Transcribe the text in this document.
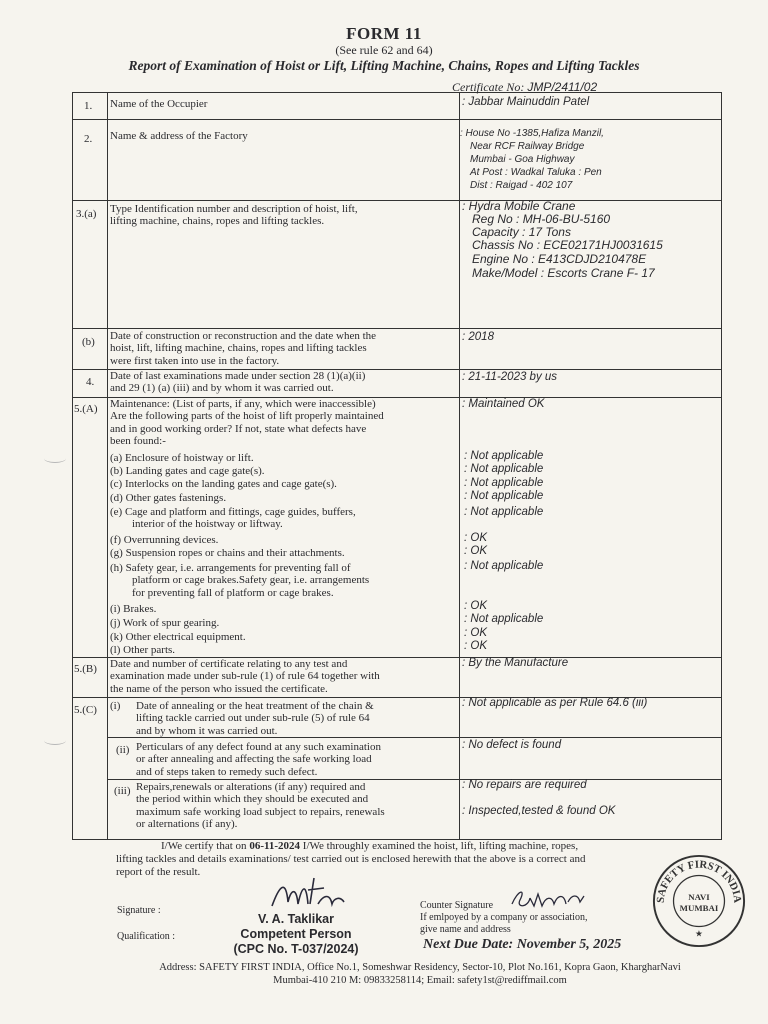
FORM 11
(See rule 62 and 64)
Report of Examination of Hoist or Lift, Lifting Machine, Chains, Ropes and Lifting Tackles
Certificate No: JMP/2411/02
1. Name of the Occupier	: Jabbar Mainuddin Patel
2. Name & address of the Factory	: House No -1385,Hafiza Manzil,
Near RCF Railway Bridge
Mumbai - Goa Highway
At Post : Wadkal Taluka : Pen
Dist : Raigad - 402 107
3.(a) Type Identification number and description of hoist, lift,
lifting machine, chains, ropes and lifting tackles.
: Hydra Mobile Crane
Reg No : MH-06-BU-5160
Capacity : 17 Tons
Chassis No : ECE02171HJ0031615
Engine No : E413CDJD210478E
Make/Model : Escorts Crane F- 17
(b) Date of construction or reconstruction and the date when the
hoist, lift, lifting machine, chains, ropes and lifting tackles
were first taken into use in the factory.
: 2018
4. Date of last examinations made under section 28 (1)(a)(ii)
and 29 (1) (a) (iii) and by whom it was carried out.
: 21-11-2023 by us
5.(A) Maintenance: (List of parts, if any, which were inaccessible)
Are the following parts of the hoist of lift properly maintained
and in good working order? If not, state what defects have
been found:-
: Maintained OK
(a) Enclosure of hoistway or lift.	: Not applicable
(b) Landing gates and cage gate(s).	: Not applicable
(c) Interlocks on the landing gates and cage gate(s).	: Not applicable
(d) Other gates fastenings.	: Not applicable
(e) Cage and platform and fittings, cage guides, buffers,
interior of the hoistway or liftway.
: Not applicable
(f) Overrunning devices.	: OK
(g) Suspension ropes or chains and their attachments.	: OK
(h) Safety gear, i.e. arrangements for preventing fall of
platform or cage brakes.Safety gear, i.e. arrangements
for preventing fall of platform or cage brakes.
: Not applicable
(i) Brakes.	: OK
(j) Work of spur gearing.	: Not applicable
(k) Other electrical equipment.	: OK
(l) Other parts.	: OK
5.(B) Date and number of certificate relating to any test and
examination made under sub-rule (1) of rule 64 together with
the name of the person who issued the certificate.
: By the Manufacture
5.(C) (i) Date of annealing or the heat treatment of the chain &
lifting tackle carried out under sub-rule (5) of rule 64
and by whom it was carried out.
: Not applicable as per Rule 64.6 (iii)
(ii) Perticulars of any defect found at any such examination
or after annealing and affecting the safe working load
and of steps taken to remedy such defect.
: No defect is found
(iii) Repairs,renewals or alterations (if any) required and
the period within which they should be executed and
maximum safe working load subject to repairs, renewals
or alternations (if any).
: No repairs are required
: Inspected,tested & found OK
I/We certify that on 06-11-2024 I/We throughly examined the hoist, lift, lifting machine, ropes,
lifting tackles and details examinations/ test carried out is enclosed herewith that the above is a correct and
report of the result.
Signature :
Qualification :
V. A. Taklikar
Competent Person
(CPC No. T-037/2024)
Counter Signature
If emlpoyed by a company or association,
give name and address
Next Due Date: November 5, 2025
Address: SAFETY FIRST INDIA, Office No.1, Someshwar Residency, Sector-10, Plot No.161, Kopra Gaon, KhargharNavi
Mumbai-410 210 M: 09833258114; Email: safety1st@rediffmail.com
SAFETY FIRST INDIA
NAVI
MUMBAI
★
